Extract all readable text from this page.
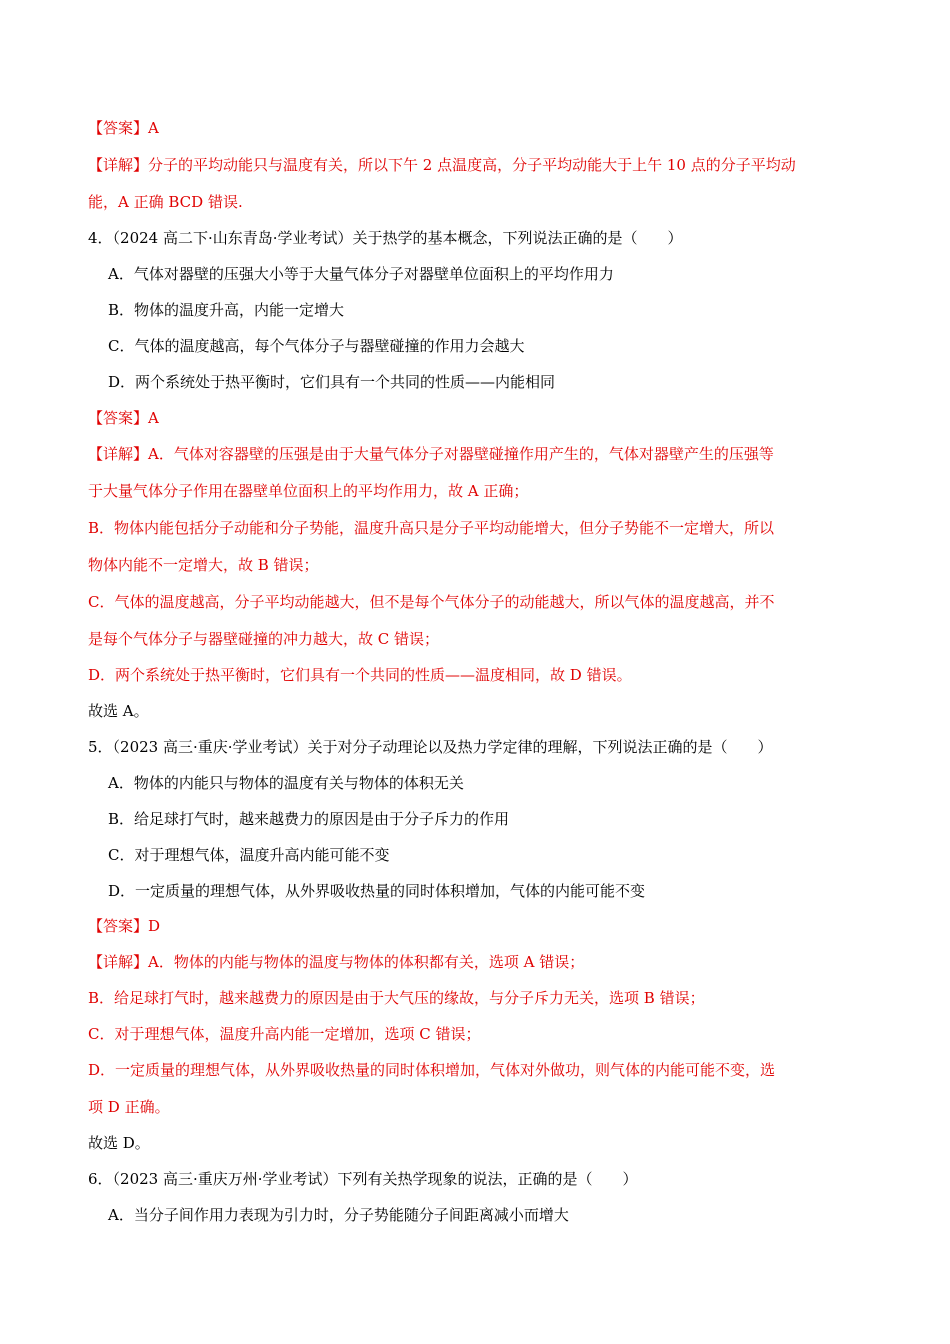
【答案】A
【详解】分子的平均动能只与温度有关，所以下午 2 点温度高，分子平均动能大于上午 10 点的分子平均动
能，A 正确 BCD 错误.
4．（2024 高二下·山东青岛·学业考试）关于热学的基本概念，下列说法正确的是（　　）
A．气体对器壁的压强大小等于大量气体分子对器壁单位面积上的平均作用力
B．物体的温度升高，内能一定增大
C．气体的温度越高，每个气体分子与器壁碰撞的作用力会越大
D．两个系统处于热平衡时，它们具有一个共同的性质——内能相同
【答案】A
【详解】A．气体对容器壁的压强是由于大量气体分子对器壁碰撞作用产生的，气体对器壁产生的压强等
于大量气体分子作用在器壁单位面积上的平均作用力，故 A 正确；
B．物体内能包括分子动能和分子势能，温度升高只是分子平均动能增大，但分子势能不一定增大，所以
物体内能不一定增大，故 B 错误；
C．气体的温度越高，分子平均动能越大，但不是每个气体分子的动能越大，所以气体的温度越高，并不
是每个气体分子与器壁碰撞的冲力越大，故 C 错误；
D．两个系统处于热平衡时，它们具有一个共同的性质——温度相同，故 D 错误。
故选 A。
5．（2023 高三·重庆·学业考试）关于对分子动理论以及热力学定律的理解，下列说法正确的是（　　）
A．物体的内能只与物体的温度有关与物体的体积无关
B．给足球打气时，越来越费力的原因是由于分子斥力的作用
C．对于理想气体，温度升高内能可能不变
D．一定质量的理想气体，从外界吸收热量的同时体积增加，气体的内能可能不变
【答案】D
【详解】A．物体的内能与物体的温度与物体的体积都有关，选项 A 错误；
B．给足球打气时，越来越费力的原因是由于大气压的缘故，与分子斥力无关，选项 B 错误；
C．对于理想气体，温度升高内能一定增加，选项 C 错误；
D．一定质量的理想气体，从外界吸收热量的同时体积增加，气体对外做功，则气体的内能可能不变，选
项 D 正确。
故选 D。
6．（2023 高三·重庆万州·学业考试）下列有关热学现象的说法，正确的是（　　）
A．当分子间作用力表现为引力时，分子势能随分子间距离减小而增大
